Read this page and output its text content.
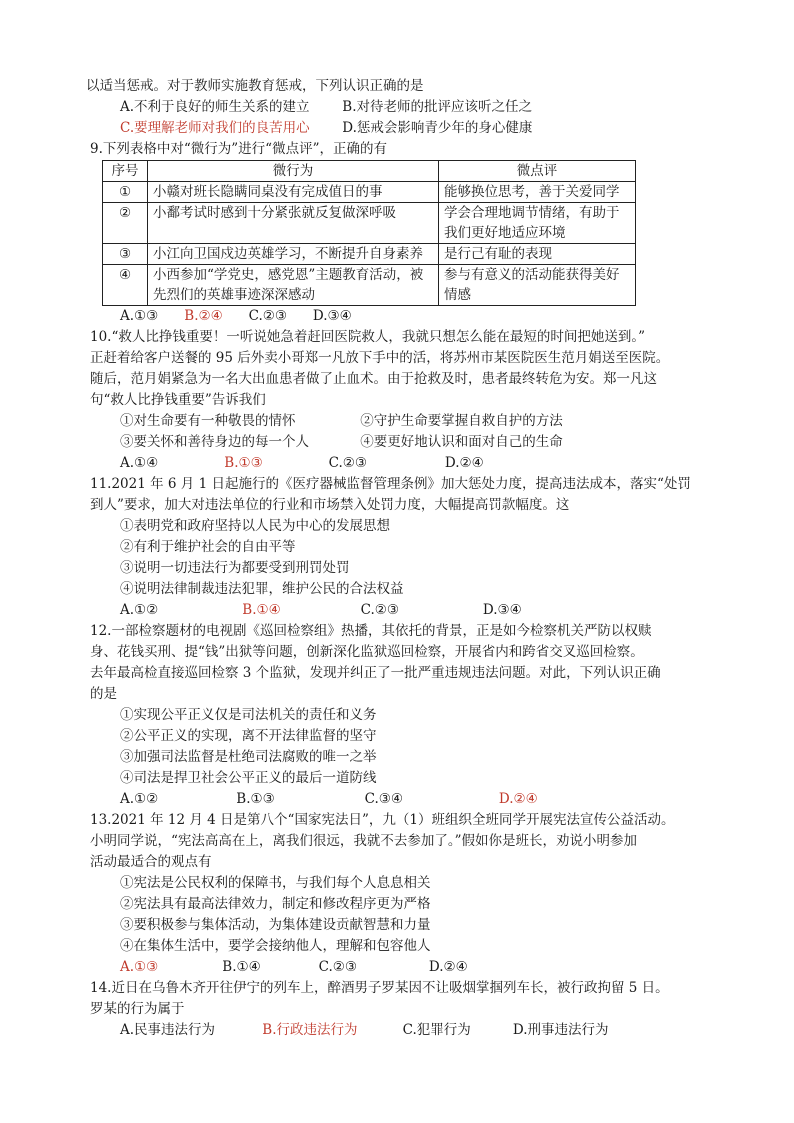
以适当惩戒。对于教师实施教育惩戒，下列认识正确的是
A.不利于良好的师生关系的建立 B.对待老师的批评应该听之任之
C.要理解老师对我们的良苦用心 D.惩戒会影响青少年的身心健康
9.下列表格中对“微行为”进行“微点评”，正确的有
序号	微行为	微点评
①	小赣对班长隐瞒同桌没有完成值日的事	能够换位思考，善于关爱同学
②	小鄱考试时感到十分紧张就反复做深呼吸	学会合理地调节情绪，有助于我们更好地适应环境
③	小江向卫国戍边英雄学习，不断提升自身素养	是行己有耻的表现
④	小西参加“学党史，感党恩”主题教育活动，被先烈们的英雄事迹深深感动	参与有意义的活动能获得美好情感
A.①③ B.②④ C.②③ D.③④
10.“救人比挣钱重要！一听说她急着赶回医院救人，我就只想怎么能在最短的时间把她送到。”
正赶着给客户送餐的 95 后外卖小哥郑一凡放下手中的活，将苏州市某医院医生范月娟送至医院。
随后，范月娟紧急为一名大出血患者做了止血术。由于抢救及时，患者最终转危为安。郑一凡这
句“救人比挣钱重要”告诉我们
①对生命要有一种敬畏的情怀	②守护生命要掌握自救自护的方法
③要关怀和善待身边的每一个人	④要更好地认识和面对自己的生命
A.①④	B.①③	C.②③	D.②④
11.2021 年 6 月 1 日起施行的《医疗器械监督管理条例》加大惩处力度，提高违法成本，落实“处罚
到人”要求，加大对违法单位的行业和市场禁入处罚力度，大幅提高罚款幅度。这
①表明党和政府坚持以人民为中心的发展思想
②有利于维护社会的自由平等
③说明一切违法行为都要受到刑罚处罚
④说明法律制裁违法犯罪，维护公民的合法权益
A.①②	B.①④	C.②③	D.③④
12.一部检察题材的电视剧《巡回检察组》热播，其依托的背景，正是如今检察机关严防以权赎
身、花钱买刑、提“钱”出狱等问题，创新深化监狱巡回检察，开展省内和跨省交叉巡回检察。
去年最高检直接巡回检察 3 个监狱，发现并纠正了一批严重违规违法问题。对此，下列认识正确
的是
①实现公平正义仅是司法机关的责任和义务
②公平正义的实现，离不开法律监督的坚守
③加强司法监督是杜绝司法腐败的唯一之举
④司法是捍卫社会公平正义的最后一道防线
A.①②	B.①③	C.③④	D.②④
13.2021 年 12 月 4 日是第八个“国家宪法日”，九（1）班组织全班同学开展宪法宣传公益活动。
小明同学说，“宪法高高在上，离我们很远，我就不去参加了。”假如你是班长，劝说小明参加
活动最适合的观点有
①宪法是公民权利的保障书，与我们每个人息息相关
②宪法具有最高法律效力，制定和修改程序更为严格
③要积极参与集体活动，为集体建设贡献智慧和力量
④在集体生活中，要学会接纳他人，理解和包容他人
A.①③	B.①④	C.②③	D.②④
14.近日在乌鲁木齐开往伊宁的列车上，醉酒男子罗某因不让吸烟掌掴列车长，被行政拘留 5 日。
罗某的行为属于
A.民事违法行为	B.行政违法行为	C.犯罪行为	D.刑事违法行为
